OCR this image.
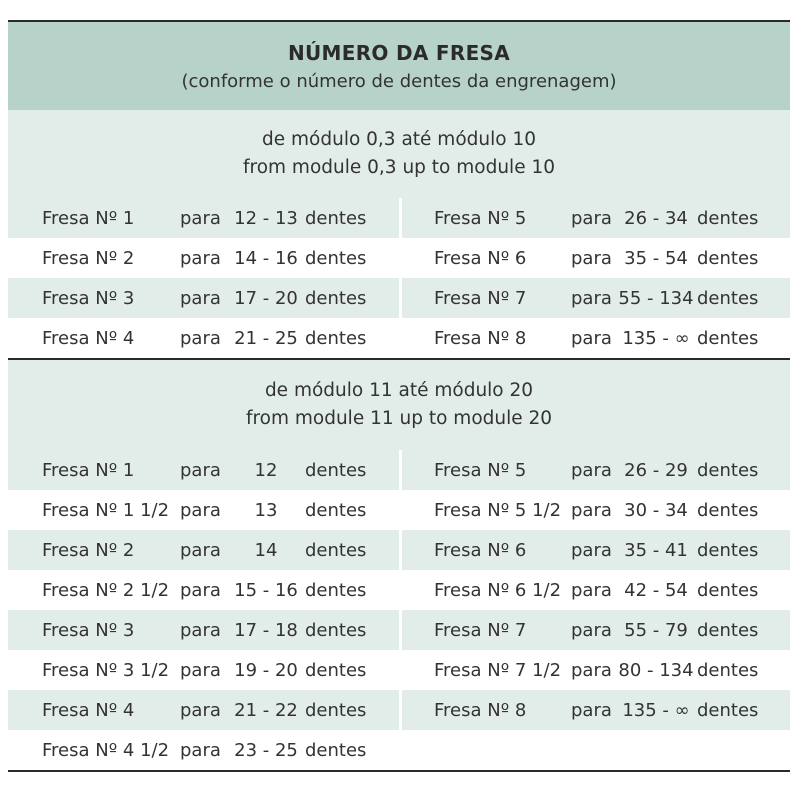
NÚMERO DA FRESA
(conforme o número de dentes da engrenagem)
de módulo 0,3 até módulo 10
from module 0,3 up to module 10
Fresa Nº 1	para 12 - 13 dentes	Fresa Nº 5 para 26 - 34 dentes
Fresa Nº 2	para 14 - 16 dentes	Fresa Nº 6 para 35 - 54 dentes
Fresa Nº 3	para 17 - 20 dentes	Fresa Nº 7 para 55 - 134 dentes
Fresa Nº 4	para 21 - 25 dentes	Fresa Nº 8 para 135 - ∞ dentes
de módulo 11 até módulo 20
from module 11 up to module 20
Fresa Nº 1	para	12	dentes	Fresa Nº 5 para 26 - 29 dentes
Fresa Nº 1 1/2 para	13	dentes	Fresa Nº 5 1/2 para 30 - 34 dentes
Fresa Nº 2	para	14	dentes	Fresa Nº 6 para 35 - 41 dentes
Fresa Nº 2 1/2 para 15 - 16 dentes	Fresa Nº 6 1/2 para 42 - 54 dentes
Fresa Nº 3	para 17 - 18 dentes	Fresa Nº 7 para 55 - 79 dentes
Fresa Nº 3 1/2 para 19 - 20 dentes	Fresa Nº 7 1/2 para 80 - 134 dentes
Fresa Nº 4	para 21 - 22 dentes	Fresa Nº 8 para 135 - ∞ dentes
Fresa Nº 4 1/2 para 23 - 25 dentes
